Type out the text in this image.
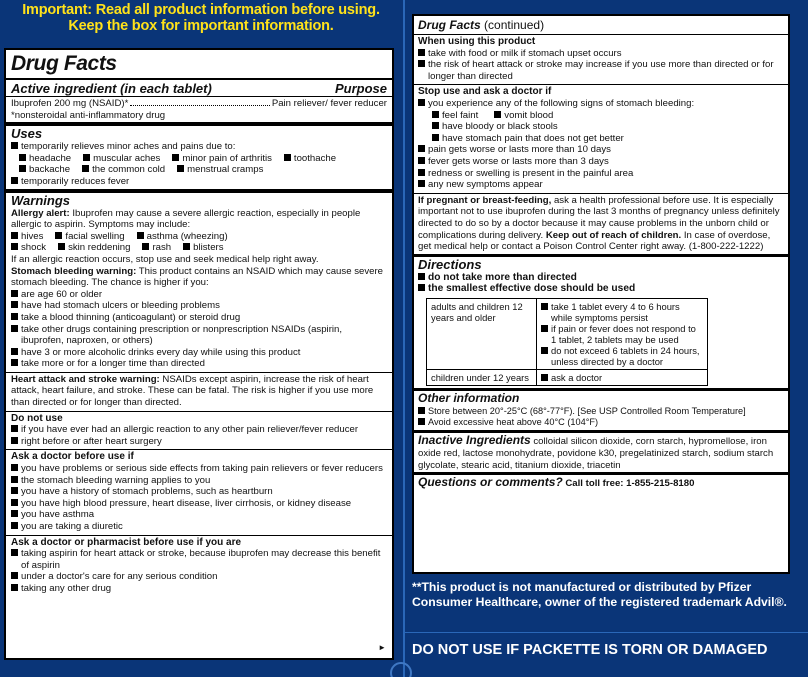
Important: Read all product information before using.
Keep the box for important information.
Drug Facts
Active ingredient (in each tablet)	Purpose
Ibuprofen 200 mg (NSAID)*	Pain reliever/ fever reducer
*nonsteroidal anti-inflammatory drug
Uses
temporarily relieves minor aches and pains due to:
headache	muscular aches	minor pain of arthritis	toothache
backache	the common cold	menstrual cramps
temporarily reduces fever
Warnings
Allergy alert: Ibuprofen may cause a severe allergic reaction, especially in people allergic to aspirin. Symptoms may include:
hives	facial swelling	asthma (wheezing)
shock	skin reddening	rash	blisters
If an allergic reaction occurs, stop use and seek medical help right away.
Stomach bleeding warning: This product contains an NSAID which may cause severe stomach bleeding. The chance is higher if you:
are age 60 or older
have had stomach ulcers or bleeding problems
take a blood thinning (anticoagulant) or steroid drug
take other drugs containing prescription or nonprescription NSAIDs (aspirin, ibuprofen, naproxen, or others)
have 3 or more alcoholic drinks every day while using this product
take more or for a longer time than directed
Heart attack and stroke warning: NSAIDs except aspirin, increase the risk of heart attack, heart failure, and stroke. These can be fatal. The risk is higher if you use more than directed or for longer than directed.
Do not use
if you have ever had an allergic reaction to any other pain reliever/fever reducer
right before or after heart surgery
Ask a doctor before use if
you have problems or serious side effects from taking pain relievers or fever reducers
the stomach bleeding warning applies to you
you have a history of stomach problems, such as heartburn
you have high blood pressure, heart disease, liver cirrhosis, or kidney disease
you have asthma
you are taking a diuretic
Ask a doctor or pharmacist before use if you are
taking aspirin for heart attack or stroke, because ibuprofen may decrease this benefit of aspirin
under a doctor's care for any serious condition
taking any other drug
►
Drug Facts (continued)
When using this product
take with food or milk if stomach upset occurs
the risk of heart attack or stroke may increase if you use more than directed or for longer than directed
Stop use and ask a doctor if
you experience any of the following signs of stomach bleeding:
feel faint	vomit blood
have bloody or black stools
have stomach pain that does not get better
pain gets worse or lasts more than 10 days
fever gets worse or lasts more than 3 days
redness or swelling is present in the painful area
any new symptoms appear
If pregnant or breast-feeding, ask a health professional before use. It is especially important not to use ibuprofen during the last 3 months of pregnancy unless definitely directed to do so by a doctor because it may cause problems in the unborn child or complications during delivery. Keep out of reach of children. In case of overdose, get medical help or contact a Poison Control Center right away. (1-800-222-1222)
Directions
do not take more than directed
the smallest effective dose should be used
adults and children 12 years and older	take 1 tablet every 4 to 6 hours while symptoms persist
if pain or fever does not respond to 1 tablet, 2 tablets may be used
do not exceed 6 tablets in 24 hours, unless directed by a doctor

children under 12 years	ask a doctor
Other information
Store between 20°-25°C (68°-77°F). [See USP Controlled Room Temperature]
Avoid excessive heat above 40°C (104°F)
Inactive Ingredients colloidal silicon dioxide, corn starch, hypromellose, iron oxide red, lactose monohydrate, povidone k30, pregelatinized starch, sodium starch glycolate, stearic acid, titanium dioxide, triacetin
Questions or comments? Call toll free: 1-855-215-8180
**This product is not manufactured or distributed by Pfizer Consumer Healthcare, owner of the registered trademark Advil®.
DO NOT USE IF PACKETTE IS TORN OR DAMAGED
